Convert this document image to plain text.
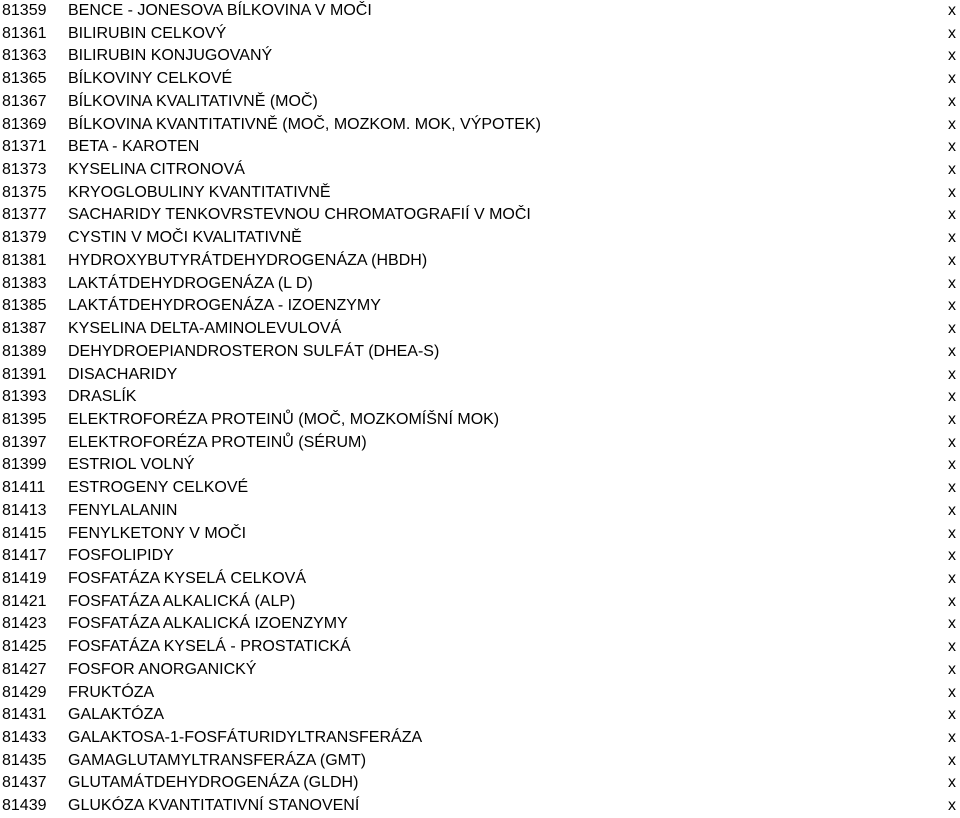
81359 BENCE - JONESOVA BÍLKOVINA V MOČI	x
81361 BILIRUBIN CELKOVÝ	x
81363 BILIRUBIN KONJUGOVANÝ	x
81365 BÍLKOVINY CELKOVÉ	x
81367 BÍLKOVINA KVALITATIVNĚ (MOČ)	x
81369 BÍLKOVINA KVANTITATIVNĚ (MOČ, MOZKOM. MOK, VÝPOTEK)	x
81371 BETA - KAROTEN	x
81373 KYSELINA CITRONOVÁ	x
81375 KRYOGLOBULINY KVANTITATIVNĚ	x
81377 SACHARIDY TENKOVRSTEVNOU CHROMATOGRAFIÍ V MOČI	x
81379 CYSTIN V MOČI KVALITATIVNĚ	x
81381 HYDROXYBUTYRÁTDEHYDROGENÁZA (HBDH)	x
81383 LAKTÁTDEHYDROGENÁZA (L D)	x
81385 LAKTÁTDEHYDROGENÁZA - IZOENZYMY	x
81387 KYSELINA DELTA-AMINOLEVULOVÁ	x
81389 DEHYDROEPIANDROSTERON SULFÁT (DHEA-S)	x
81391 DISACHARIDY	x
81393 DRASLÍK	x
81395 ELEKTROFORÉZA PROTEINŮ (MOČ, MOZKOMÍŠNÍ MOK)	x
81397 ELEKTROFORÉZA PROTEINŮ (SÉRUM)	x
81399 ESTRIOL VOLNÝ	x
81411 ESTROGENY CELKOVÉ	x
81413 FENYLALANIN	x
81415 FENYLKETONY V MOČI	x
81417 FOSFOLIPIDY	x
81419 FOSFATÁZA KYSELÁ CELKOVÁ	x
81421 FOSFATÁZA ALKALICKÁ (ALP)	x
81423 FOSFATÁZA ALKALICKÁ IZOENZYMY	x
81425 FOSFATÁZA KYSELÁ - PROSTATICKÁ	x
81427 FOSFOR ANORGANICKÝ	x
81429 FRUKTÓZA	x
81431 GALAKTÓZA	x
81433 GALAKTOSA-1-FOSFÁTURIDYLTRANSFERÁZA	x
81435 GAMAGLUTAMYLTRANSFERÁZA (GMT)	x
81437 GLUTAMÁTDEHYDROGENÁZA (GLDH)	x
81439 GLUKÓZA KVANTITATIVNÍ STANOVENÍ	x
